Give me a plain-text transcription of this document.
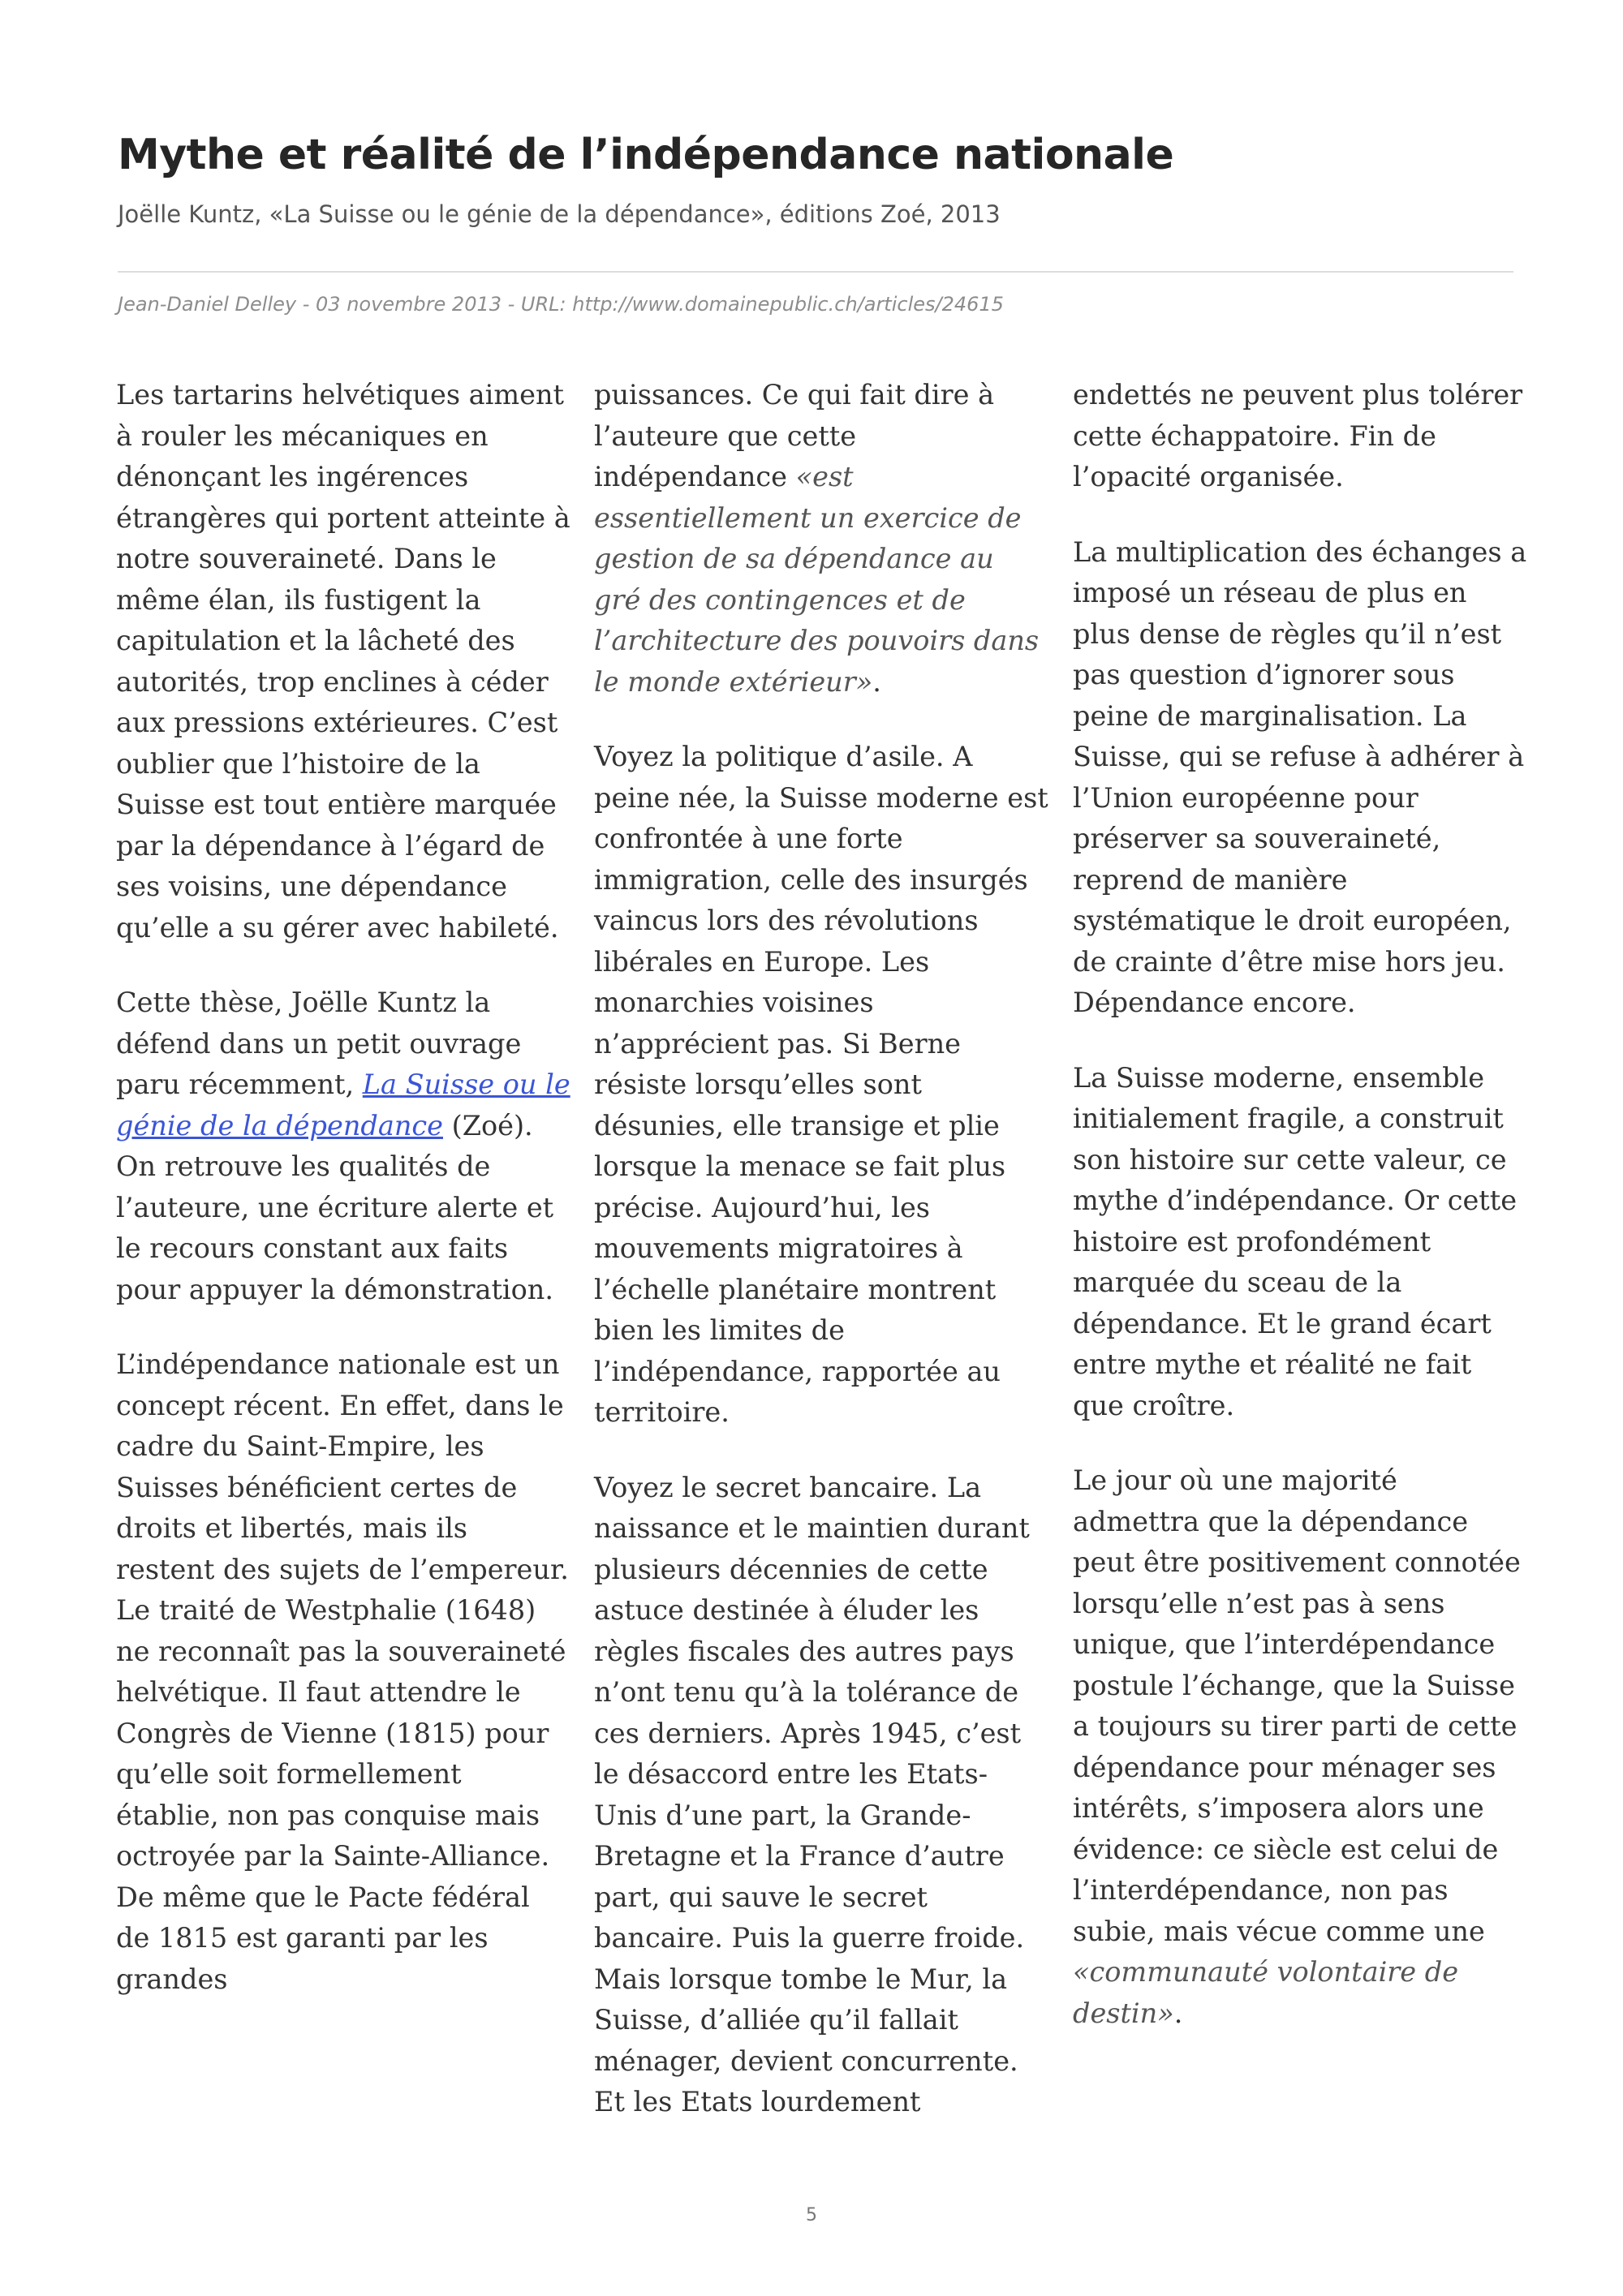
Mythe et réalité de l’indépendance nationale
Joëlle Kuntz, «La Suisse ou le génie de la dépendance», éditions Zoé, 2013
Jean-Daniel Delley - 03 novembre 2013 - URL: http://www.domainepublic.ch/articles/24615

Les tartarins helvétiques aiment à rouler les mécaniques en dénonçant les ingérences étrangères qui portent atteinte à notre souveraineté. Dans le même élan, ils fustigent la capitulation et la lâcheté des autorités, trop enclines à céder aux pressions extérieures. C’est oublier que l’histoire de la Suisse est tout entière marquée par la dépendance à l’égard de ses voisins, une dépendance qu’elle a su gérer avec habileté.

Cette thèse, Joëlle Kuntz la défend dans un petit ouvrage paru récemment, La Suisse ou le génie de la dépendance (Zoé). On retrouve les qualités de l’auteure, une écriture alerte et le recours constant aux faits pour appuyer la démonstration.

L’indépendance nationale est un concept récent. En effet, dans le cadre du Saint-Empire, les Suisses bénéficient certes de droits et libertés, mais ils restent des sujets de l’empereur. Le traité de Westphalie (1648) ne reconnaît pas la souveraineté helvétique. Il faut attendre le Congrès de Vienne (1815) pour qu’elle soit formellement établie, non pas conquise mais octroyée par la Sainte-Alliance. De même que le Pacte fédéral de 1815 est garanti par les grandes

puissances. Ce qui fait dire à l’auteure que cette indépendance «est essentiellement un exercice de gestion de sa dépendance au gré des contingences et de l’architecture des pouvoirs dans le monde extérieur».

Voyez la politique d’asile. A peine née, la Suisse moderne est confrontée à une forte immigration, celle des insurgés vaincus lors des révolutions libérales en Europe. Les monarchies voisines n’apprécient pas. Si Berne résiste lorsqu’elles sont désunies, elle transige et plie lorsque la menace se fait plus précise. Aujourd’hui, les mouvements migratoires à l’échelle planétaire montrent bien les limites de l’indépendance, rapportée au territoire.

Voyez le secret bancaire. La naissance et le maintien durant plusieurs décennies de cette astuce destinée à éluder les règles fiscales des autres pays n’ont tenu qu’à la tolérance de ces derniers. Après 1945, c’est le désaccord entre les Etats-Unis d’une part, la Grande-Bretagne et la France d’autre part, qui sauve le secret bancaire. Puis la guerre froide. Mais lorsque tombe le Mur, la Suisse, d’alliée qu’il fallait ménager, devient concurrente. Et les Etats lourdement

endettés ne peuvent plus tolérer cette échappatoire. Fin de l’opacité organisée.

La multiplication des échanges a imposé un réseau de plus en plus dense de règles qu’il n’est pas question d’ignorer sous peine de marginalisation. La Suisse, qui se refuse à adhérer à l’Union européenne pour préserver sa souveraineté, reprend de manière systématique le droit européen, de crainte d’être mise hors jeu. Dépendance encore.

La Suisse moderne, ensemble initialement fragile, a construit son histoire sur cette valeur, ce mythe d’indépendance. Or cette histoire est profondément marquée du sceau de la dépendance. Et le grand écart entre mythe et réalité ne fait que croître.

Le jour où une majorité admettra que la dépendance peut être positivement connotée lorsqu’elle n’est pas à sens unique, que l’interdépendance postule l’échange, que la Suisse a toujours su tirer parti de cette dépendance pour ménager ses intérêts, s’imposera alors une évidence: ce siècle est celui de l’interdépendance, non pas subie, mais vécue comme une «communauté volontaire de destin».

5
